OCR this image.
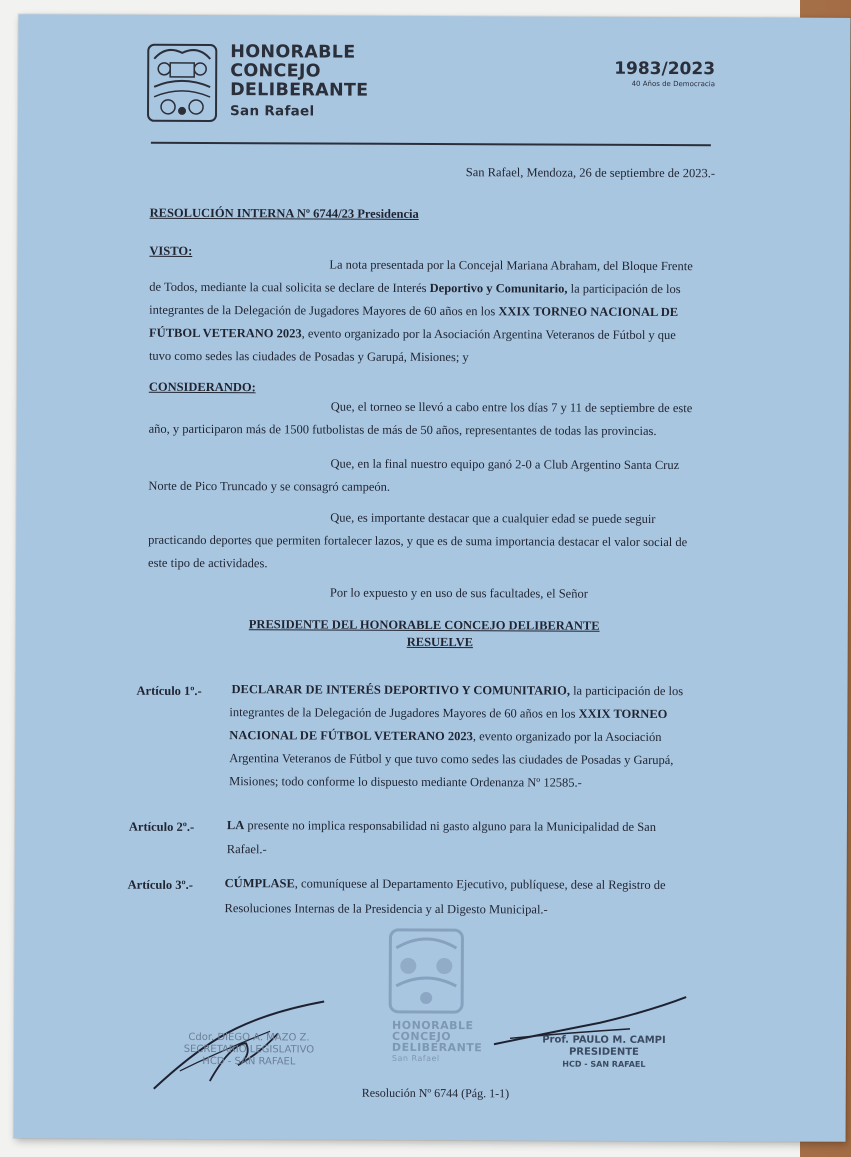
HONORABLE
CONCEJO
DELIBERANTE
San Rafael
1983/2023
40 Años de Democracia
San Rafael, Mendoza, 26 de septiembre de 2023.-
RESOLUCIÓN INTERNA Nº 6744/23 Presidencia
VISTO:
La nota presentada por la Concejal Mariana Abraham, del Bloque Frente
de Todos, mediante la cual solicita se declare de Interés Deportivo y Comunitario, la participación de los
integrantes de la Delegación de Jugadores Mayores de 60 años en los XXIX TORNEO NACIONAL DE
FÚTBOL VETERANO 2023, evento organizado por la Asociación Argentina Veteranos de Fútbol y que
tuvo como sedes las ciudades de Posadas y Garupá, Misiones; y
CONSIDERANDO:
Que, el torneo se llevó a cabo entre los días 7 y 11 de septiembre de este
año, y participaron más de 1500 futbolistas de más de 50 años, representantes de todas las provincias.
Que, en la final nuestro equipo ganó 2-0 a Club Argentino Santa Cruz
Norte de Pico Truncado y se consagró campeón.
Que, es importante destacar que a cualquier edad se puede seguir
practicando deportes que permiten fortalecer lazos, y que es de suma importancia destacar el valor social de
este tipo de actividades.
Por lo expuesto y en uso de sus facultades, el Señor
PRESIDENTE DEL HONORABLE CONCEJO DELIBERANTE
RESUELVE
Artículo 1º.- DECLARAR DE INTERÉS DEPORTIVO Y COMUNITARIO, la participación de los
integrantes de la Delegación de Jugadores Mayores de 60 años en los XXIX TORNEO
NACIONAL DE FÚTBOL VETERANO 2023, evento organizado por la Asociación
Argentina Veteranos de Fútbol y que tuvo como sedes las ciudades de Posadas y Garupá,
Misiones; todo conforme lo dispuesto mediante Ordenanza Nº 12585.-
Artículo 2º.-	LA presente no implica responsabilidad ni gasto alguno para la Municipalidad de San
Rafael.-
Artículo 3º.-	CÚMPLASE, comuníquese al Departamento Ejecutivo, publíquese, dese al Registro de
Resoluciones Internas de la Presidencia y al Digesto Municipal.-
HONORABLE
CONCEJO
DELIBERANTE
San Rafael
Cdor. DIEGO A. MAZO Z.
SECRETARIO LEGISLATIVO
HCD - SAN RAFAEL
Prof. PAULO M. CAMPI
PRESIDENTE
HCD - SAN RAFAEL
Resolución Nº 6744 (Pág. 1-1)
